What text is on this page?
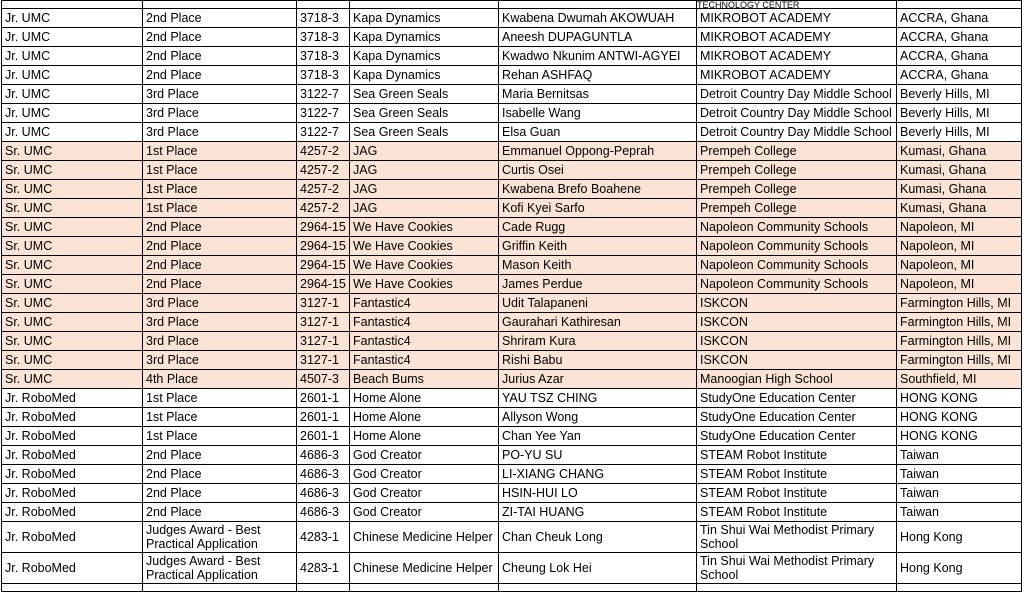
					TECHNOLOGY CENTER	
Jr. UMC	2nd Place	3718-3	Kapa Dynamics	Kwabena Dwumah AKOWUAH	MIKROBOT ACADEMY	ACCRA, Ghana
Jr. UMC	2nd Place	3718-3	Kapa Dynamics	Aneesh DUPAGUNTLA	MIKROBOT ACADEMY	ACCRA, Ghana
Jr. UMC	2nd Place	3718-3	Kapa Dynamics	Kwadwo Nkunim ANTWI-AGYEI	MIKROBOT ACADEMY	ACCRA, Ghana
Jr. UMC	2nd Place	3718-3	Kapa Dynamics	Rehan ASHFAQ	MIKROBOT ACADEMY	ACCRA, Ghana
Jr. UMC	3rd Place	3122-7	Sea Green Seals	Maria Bernitsas	Detroit Country Day Middle School	Beverly Hills, MI
Jr. UMC	3rd Place	3122-7	Sea Green Seals	Isabelle Wang	Detroit Country Day Middle School	Beverly Hills, MI
Jr. UMC	3rd Place	3122-7	Sea Green Seals	Elsa Guan	Detroit Country Day Middle School	Beverly Hills, MI
Sr. UMC	1st Place	4257-2	JAG	Emmanuel Oppong-Peprah	Prempeh College	Kumasi, Ghana
Sr. UMC	1st Place	4257-2	JAG	Curtis Osei	Prempeh College	Kumasi, Ghana
Sr. UMC	1st Place	4257-2	JAG	Kwabena Brefo Boahene	Prempeh College	Kumasi, Ghana
Sr. UMC	1st Place	4257-2	JAG	Kofi Kyei Sarfo	Prempeh College	Kumasi, Ghana
Sr. UMC	2nd Place	2964-15	We Have Cookies	Cade Rugg	Napoleon Community Schools	Napoleon, MI
Sr. UMC	2nd Place	2964-15	We Have Cookies	Griffin Keith	Napoleon Community Schools	Napoleon, MI
Sr. UMC	2nd Place	2964-15	We Have Cookies	Mason Keith	Napoleon Community Schools	Napoleon, MI
Sr. UMC	2nd Place	2964-15	We Have Cookies	James Perdue	Napoleon Community Schools	Napoleon, MI
Sr. UMC	3rd Place	3127-1	Fantastic4	Udit Talapaneni	ISKCON	Farmington Hills, MI
Sr. UMC	3rd Place	3127-1	Fantastic4	Gaurahari Kathiresan	ISKCON	Farmington Hills, MI
Sr. UMC	3rd Place	3127-1	Fantastic4	Shriram Kura	ISKCON	Farmington Hills, MI
Sr. UMC	3rd Place	3127-1	Fantastic4	Rishi Babu	ISKCON	Farmington Hills, MI
Sr. UMC	4th Place	4507-3	Beach Bums	Jurius Azar	Manoogian High School	Southfield, MI
Jr. RoboMed	1st Place	2601-1	Home Alone	YAU TSZ CHING	StudyOne Education Center	HONG KONG
Jr. RoboMed	1st Place	2601-1	Home Alone	Allyson Wong	StudyOne Education Center	HONG KONG
Jr. RoboMed	1st Place	2601-1	Home Alone	Chan Yee Yan	StudyOne Education Center	HONG KONG
Jr. RoboMed	2nd Place	4686-3	God Creator	PO-YU SU	STEAM Robot Institute	Taiwan
Jr. RoboMed	2nd Place	4686-3	God Creator	LI-XIANG CHANG	STEAM Robot Institute	Taiwan
Jr. RoboMed	2nd Place	4686-3	God Creator	HSIN-HUI LO	STEAM Robot Institute	Taiwan
Jr. RoboMed	2nd Place	4686-3	God Creator	ZI-TAI HUANG	STEAM Robot Institute	Taiwan
Jr. RoboMed	Judges Award - Best Practical Application	4283-1	Chinese Medicine Helper	Chan Cheuk Long	Tin Shui Wai Methodist Primary School	Hong Kong
Jr. RoboMed	Judges Award - Best Practical Application	4283-1	Chinese Medicine Helper	Cheung Lok Hei	Tin Shui Wai Methodist Primary School	Hong Kong
